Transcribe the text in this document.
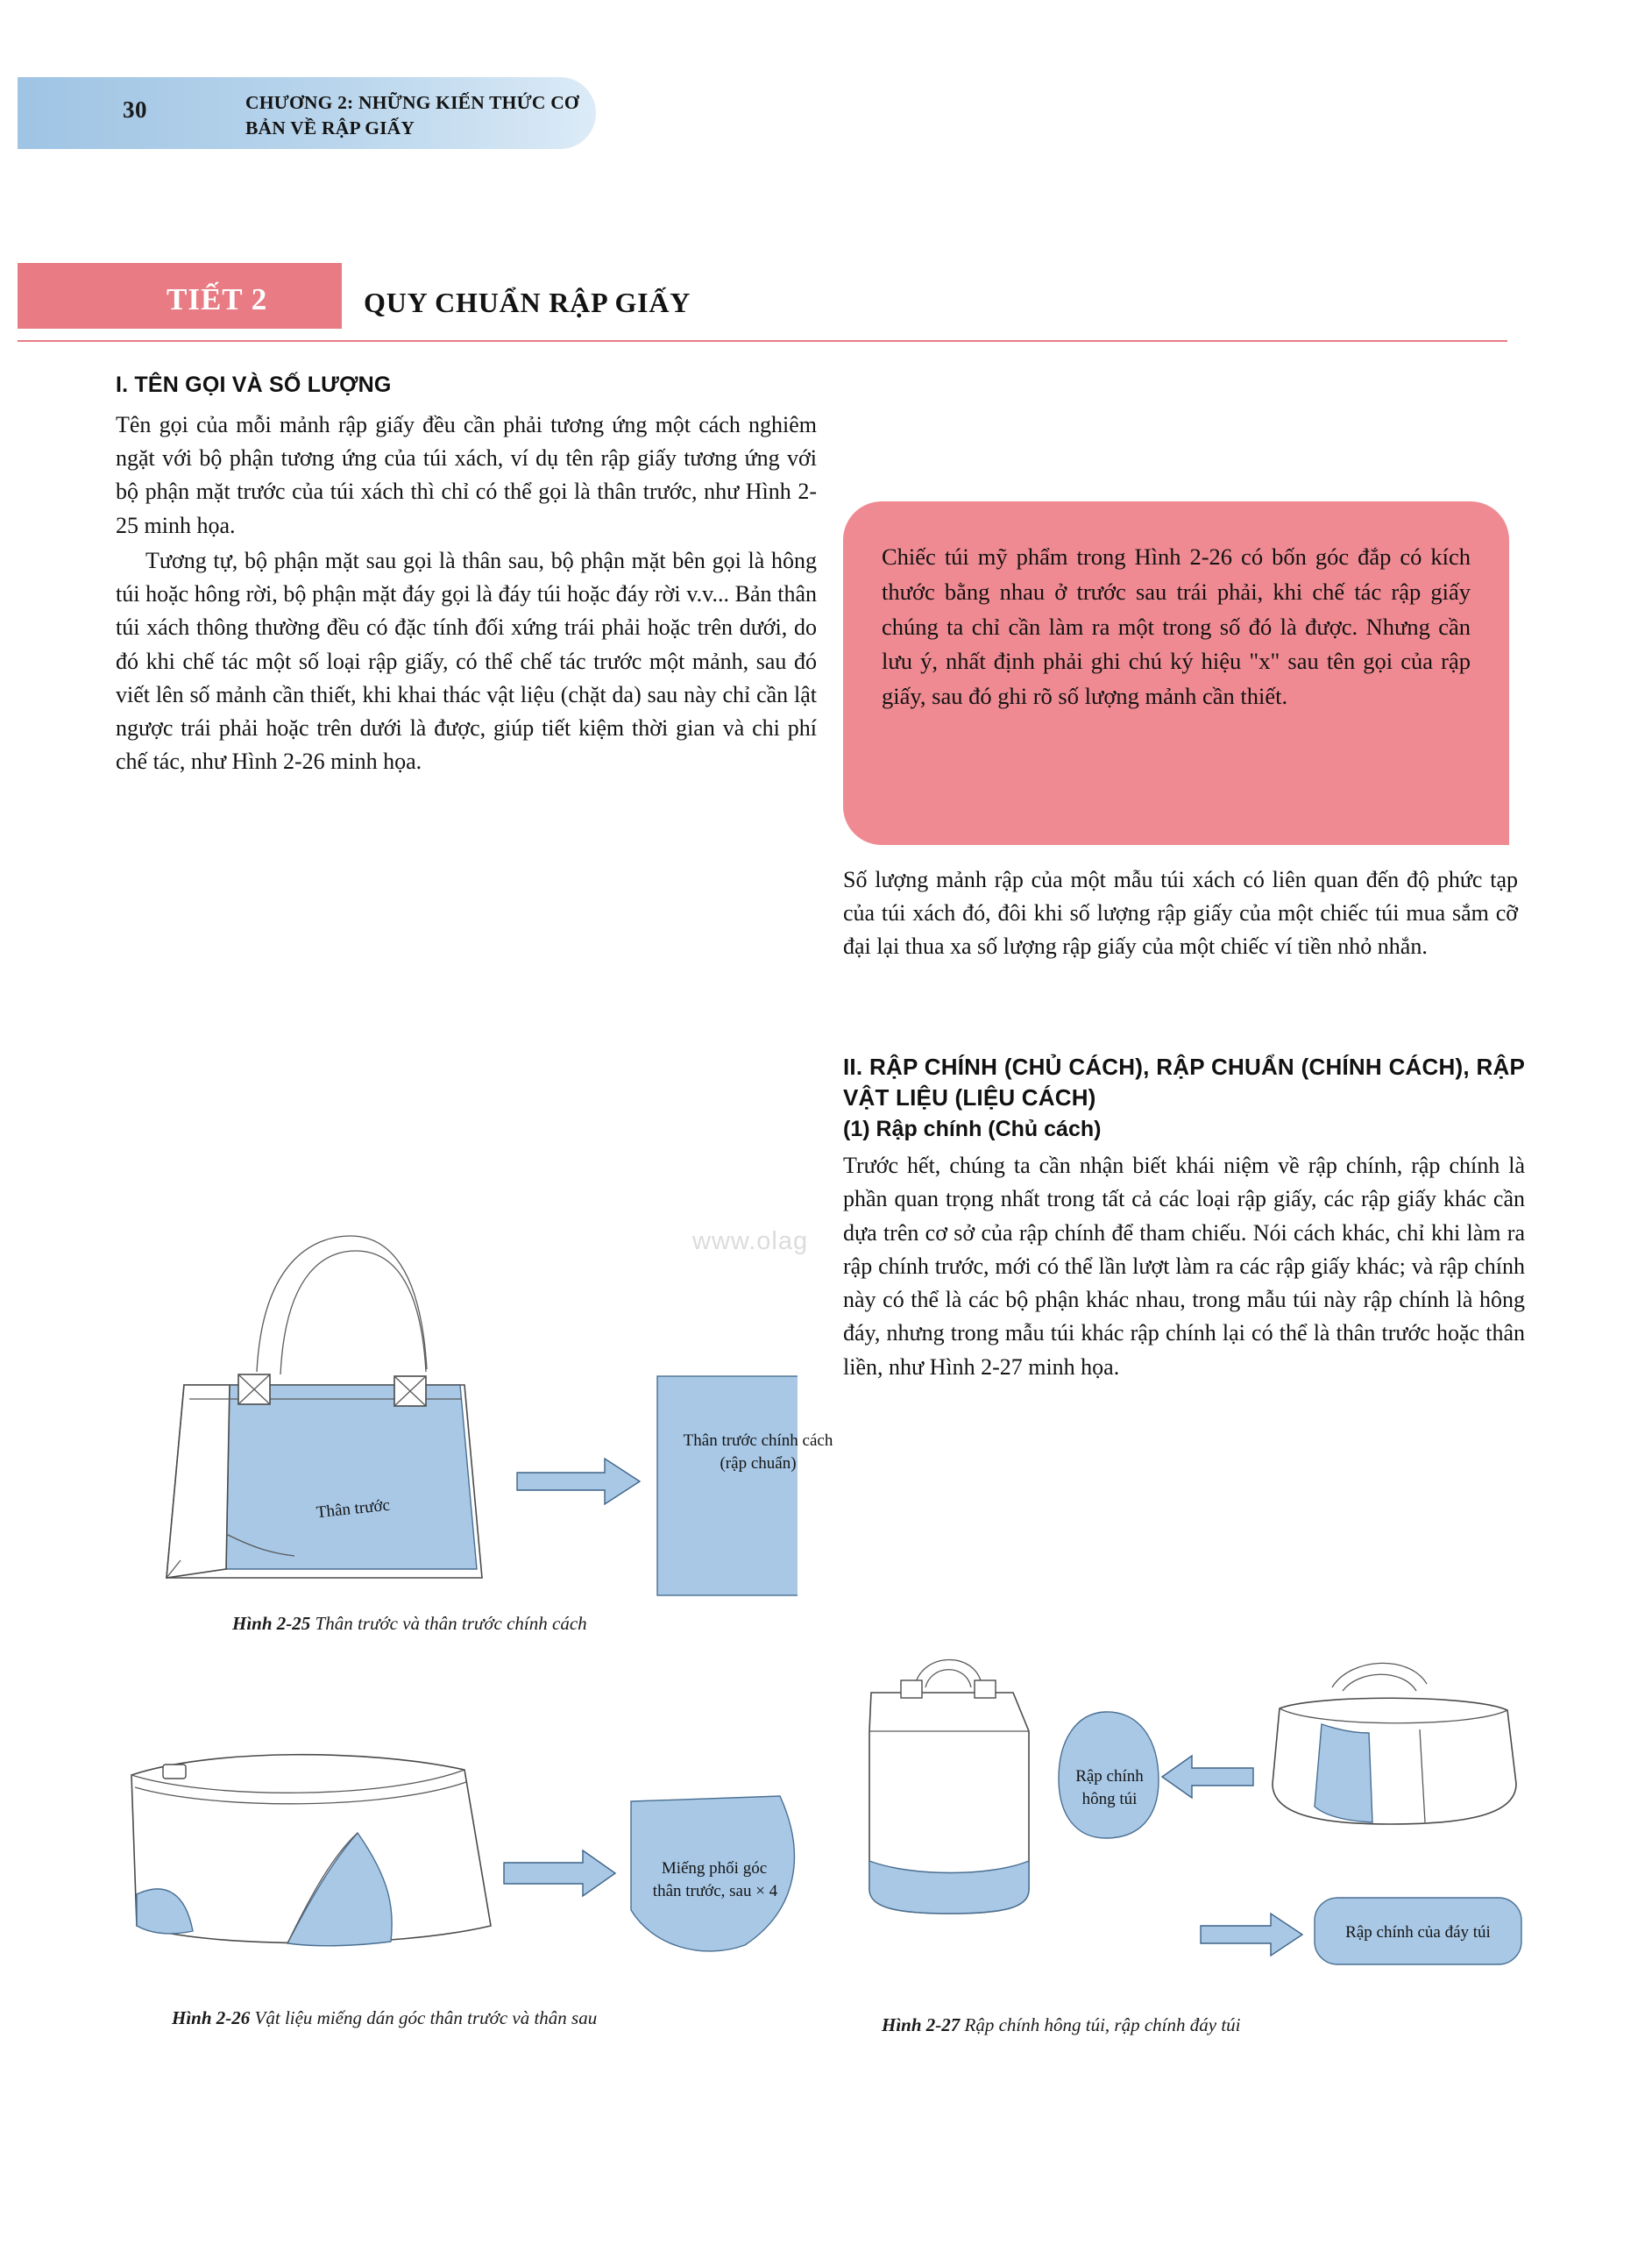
30	CHƯƠNG 2: NHỮNG KIẾN THỨC CƠ BẢN VỀ RẬP GIẤY
TIẾT 2	QUY CHUẨN RẬP GIẤY
I. TÊN GỌI VÀ SỐ LƯỢNG

Tên gọi của mỗi mảnh rập giấy đều cần phải tương ứng một cách nghiêm ngặt với bộ phận tương ứng của túi xách, ví dụ tên rập giấy tương ứng với bộ phận mặt trước của túi xách thì chỉ có thể gọi là thân trước, như Hình 2-25 minh họa.

Tương tự, bộ phận mặt sau gọi là thân sau, bộ phận mặt bên gọi là hông túi hoặc hông rời, bộ phận mặt đáy gọi là đáy túi hoặc đáy rời v.v... Bản thân túi xách thông thường đều có đặc tính đối xứng trái phải hoặc trên dưới, do đó khi chế tác một số loại rập giấy, có thể chế tác trước một mảnh, sau đó viết lên số mảnh cần thiết, khi khai thác vật liệu (chặt da) sau này chỉ cần lật ngược trái phải hoặc trên dưới là được, giúp tiết kiệm thời gian và chi phí chế tác, như Hình 2-26 minh họa.

Chiếc túi mỹ phẩm trong Hình 2-26 có bốn góc đắp có kích thước bằng nhau ở trước sau trái phải, khi chế tác rập giấy chúng ta chỉ cần làm ra một trong số đó là được. Nhưng cần lưu ý, nhất định phải ghi chú ký hiệu "x" sau tên gọi của rập giấy, sau đó ghi rõ số lượng mảnh cần thiết.

Số lượng mảnh rập của một mẫu túi xách có liên quan đến độ phức tạp của túi xách đó, đôi khi số lượng rập giấy của một chiếc túi mua sắm cỡ đại lại thua xa số lượng rập giấy của một chiếc ví tiền nhỏ nhắn.

II. RẬP CHÍNH (CHỦ CÁCH), RẬP CHUẨN (CHÍNH CÁCH), RẬP VẬT LIỆU (LIỆU CÁCH)
(1) Rập chính (Chủ cách)

Trước hết, chúng ta cần nhận biết khái niệm về rập chính, rập chính là phần quan trọng nhất trong tất cả các loại rập giấy, các rập giấy khác cần dựa trên cơ sở của rập chính để tham chiếu. Nói cách khác, chỉ khi làm ra rập chính trước, mới có thể lần lượt làm ra các rập giấy khác; và rập chính này có thể là các bộ phận khác nhau, trong mẫu túi này rập chính là hông đáy, nhưng trong mẫu túi khác rập chính lại có thể là thân trước hoặc thân liền, như Hình 2-27 minh họa.

www.olag
Thân trước
Thân trước chính cách
(rập chuẩn)
Hình 2-25 Thân trước và thân trước chính cách
Miếng phối góc
thân trước, sau × 4
Hình 2-26 Vật liệu miếng dán góc thân trước và thân sau
Rập chính
hông túi
Rập chính của đáy túi
Hình 2-27 Rập chính hông túi, rập chính đáy túi
